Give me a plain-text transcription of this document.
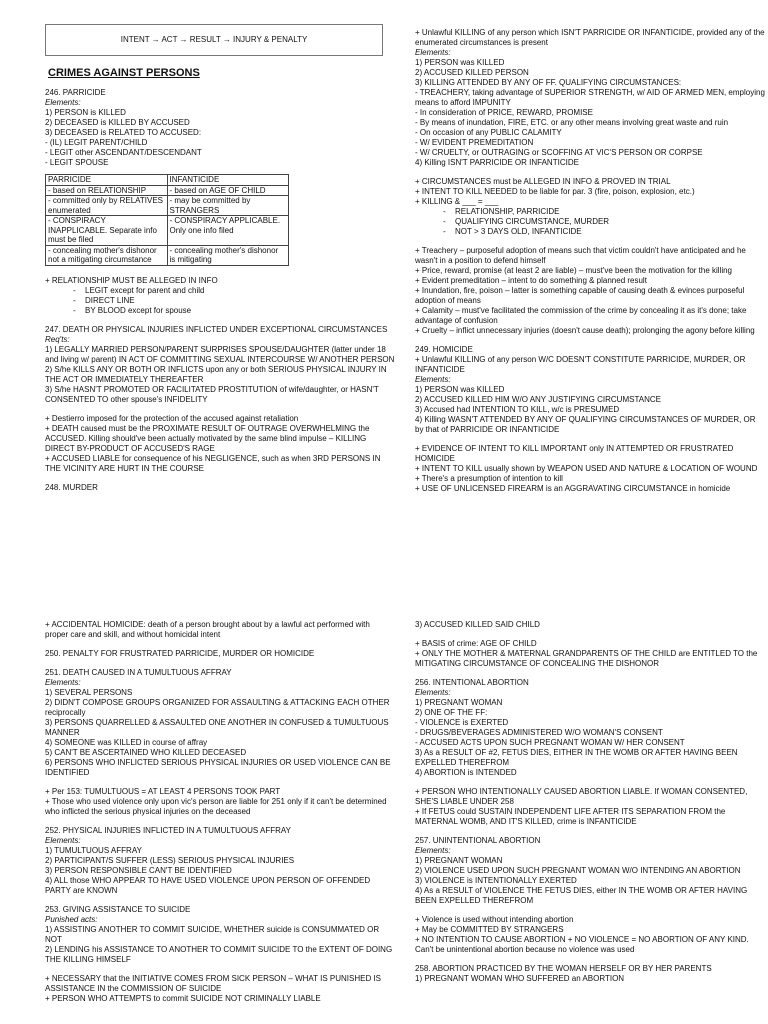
INTENT → ACT → RESULT → INJURY & PENALTY

CRIMES AGAINST PERSONS

246. PARRICIDE

Elements:

1) PERSON is KILLED

2) DECEASED is KILLED BY ACCUSED

3) DECEASED is RELATED TO ACCUSED:

- (IL) LEGIT PARENT/CHILD

- LEGIT other ASCENDANT/DESCENDANT

- LEGIT SPOUSE

PARRICIDE	INFANTICIDE
- based on RELATIONSHIP	- based on AGE OF CHILD
- committed only by RELATIVES enumerated	- may be committed by STRANGERS
- CONSPIRACY INAPPLICABLE. Separate info must be filed	- CONSPIRACY APPLICABLE. Only one info filed
- concealing mother's dishonor not a mitigating circumstance	- concealing mother's dishonor is mitigating

+ RELATIONSHIP MUST BE ALLEGED IN INFO

- LEGIT except for parent and child
- DIRECT LINE
- BY BLOOD except for spouse

247. DEATH OR PHYSICAL INJURIES INFLICTED UNDER EXCEPTIONAL CIRCUMSTANCES

Req'ts:

1) LEGALLY MARRIED PERSON/PARENT SURPRISES SPOUSE/DAUGHTER (latter under 18 and living w/ parent) IN ACT OF COMMITTING SEXUAL INTERCOURSE W/ ANOTHER PERSON

2) S/he KILLS ANY OR BOTH OR INFLICTS upon any or both SERIOUS PHYSICAL INJURY IN THE ACT OR IMMEDIATELY THEREAFTER

3) S/he HASN'T PROMOTED OR FACILITATED PROSTITUTION of wife/daughter, or HASN'T CONSENTED TO other spouse's INFIDELITY

+ Destierro imposed for the protection of the accused against retaliation

+ DEATH caused must be the PROXIMATE RESULT OF OUTRAGE OVERWHELMING the ACCUSED. Killing should've been actually motivated by the same blind impulse – KILLING DIRECT BY-PRODUCT OF ACCUSED'S RAGE

+ ACCUSED LIABLE for consequence of his NEGLIGENCE, such as when 3RD PERSONS IN THE VICINITY ARE HURT IN THE COURSE

248. MURDER

+ Unlawful KILLING of any person which ISN'T PARRICIDE OR INFANTICIDE, provided any of the enumerated circumstances is present

Elements:

1) PERSON was KILLED

2) ACCUSED KILLED PERSON

3) KILLING ATTENDED BY ANY OF FF. QUALIFYING CIRCUMSTANCES:

- TREACHERY, taking advantage of SUPERIOR STRENGTH, w/ AID OF ARMED MEN, employing means to afford IMPUNITY

- In consideration of PRICE, REWARD, PROMISE

- By means of inundation, FIRE, ETC. or any other means involving great waste and ruin

- On occasion of any PUBLIC CALAMITY

- W/ EVIDENT PREMEDITATION

- W/ CRUELTY, or OUTRAGING or SCOFFING AT VIC'S PERSON OR CORPSE

4) Killing ISN'T PARRICIDE OR INFANTICIDE

+ CIRCUMSTANCES must be ALLEGED IN INFO & PROVED IN TRIAL

+ INTENT TO KILL NEEDED to be liable for par. 3 (fire, poison, explosion, etc.)

+ KILLING & ___ = ___

- RELATIONSHIP, PARRICIDE
- QUALIFYING CIRCUMSTANCE, MURDER
- NOT > 3 DAYS OLD, INFANTICIDE

+ Treachery – purposeful adoption of means such that victim couldn't have anticipated and he wasn't in a position to defend himself

+ Price, reward, promise (at least 2 are liable) – must've been the motivation for the killing

+ Evident premeditation – intent to do something & planned result

+ Inundation, fire, poison – latter is something capable of causing death & evinces purposeful adoption of means

+ Calamity – must've facilitated the commission of the crime by concealing it as it's done; take advantage of confusion

+ Cruelty – inflict unnecessary injuries (doesn't cause death); prolonging the agony before killing

249. HOMICIDE

+ Unlawful KILLING of any person W/C DOESN'T CONSTITUTE PARRICIDE, MURDER, OR INFANTICIDE

Elements:

1) PERSON was KILLED

2) ACCUSED KILLED HIM W/O ANY JUSTIFYING CIRCUMSTANCE

3) Accused had INTENTION TO KILL, w/c is PRESUMED

4) Killing WASN'T ATTENDED BY ANY OF QUALIFYING CIRCUMSTANCES OF MURDER, OR by that of PARRICIDE OR INFANTICIDE

+ EVIDENCE OF INTENT TO KILL IMPORTANT only IN ATTEMPTED OR FRUSTRATED HOMICIDE

+ INTENT TO KILL usually shown by WEAPON USED AND NATURE & LOCATION OF WOUND

+ There's a presumption of intention to kill

+ USE OF UNLICENSED FIREARM is an AGGRAVATING CIRCUMSTANCE in homicide

+ ACCIDENTAL HOMICIDE: death of a person brought about by a lawful act performed with proper care and skill, and without homicidal intent

250. PENALTY FOR FRUSTRATED PARRICIDE, MURDER OR HOMICIDE

251. DEATH CAUSED IN A TUMULTUOUS AFFRAY

Elements:

1) SEVERAL PERSONS

2) DIDN'T COMPOSE GROUPS ORGANIZED FOR ASSAULTING & ATTACKING EACH OTHER reciprocally

3) PERSONS QUARRELLED & ASSAULTED ONE ANOTHER IN CONFUSED & TUMULTUOUS MANNER

4) SOMEONE was KILLED in course of affray

5) CAN'T BE ASCERTAINED WHO KILLED DECEASED

6) PERSONS WHO INFLICTED SERIOUS PHYSICAL INJURIES OR USED VIOLENCE CAN BE IDENTIFIED

+ Per 153: TUMULTUOUS = AT LEAST 4 PERSONS TOOK PART

+ Those who used violence only upon vic's person are liable for 251 only if it can't be determined who inflicted the serious physical injuries on the deceased

252. PHYSICAL INJURIES INFLICTED IN A TUMULTUOUS AFFRAY

Elements:

1) TUMULTUOUS AFFRAY

2) PARTICIPANT/S SUFFER (LESS) SERIOUS PHYSICAL INJURIES

3) PERSON RESPONSIBLE CAN'T BE IDENTIFIED

4) ALL those WHO APPEAR TO HAVE USED VIOLENCE UPON PERSON OF OFFENDED PARTY are KNOWN

253. GIVING ASSISTANCE TO SUICIDE

Punished acts:

1) ASSISTING ANOTHER TO COMMIT SUICIDE, WHETHER suicide is CONSUMMATED OR NOT

2) LENDING his ASSISTANCE TO ANOTHER TO COMMIT SUICIDE TO the EXTENT OF DOING THE KILLING HIMSELF

+ NECESSARY that the INITIATIVE COMES FROM SICK PERSON – WHAT IS PUNISHED IS ASSISTANCE IN the COMMISSION OF SUICIDE

+ PERSON WHO ATTEMPTS to commit SUICIDE NOT CRIMINALLY LIABLE

3) ACCUSED KILLED SAID CHILD

+ BASIS of crime: AGE OF CHILD

+ ONLY THE MOTHER & MATERNAL GRANDPARENTS OF THE CHILD are ENTITLED TO the MITIGATING CIRCUMSTANCE OF CONCEALING THE DISHONOR

256. INTENTIONAL ABORTION

Elements:

1) PREGNANT WOMAN

2) ONE OF THE FF:

- VIOLENCE is EXERTED

- DRUGS/BEVERAGES ADMINISTERED W/O WOMAN'S CONSENT

- ACCUSED ACTS UPON SUCH PREGNANT WOMAN W/ HER CONSENT

3) As a RESULT OF #2, FETUS DIES, EITHER IN THE WOMB OR AFTER HAVING BEEN EXPELLED THEREFROM

4) ABORTION is INTENDED

+ PERSON WHO INTENTIONALLY CAUSED ABORTION LIABLE. If WOMAN CONSENTED, SHE'S LIABLE UNDER 258

+ If FETUS could SUSTAIN INDEPENDENT LIFE AFTER ITS SEPARATION FROM the MATERNAL WOMB, AND IT'S KILLED, crime is INFANTICIDE

257. UNINTENTIONAL ABORTION

Elements:

1) PREGNANT WOMAN

2) VIOLENCE USED UPON SUCH PREGNANT WOMAN W/O INTENDING AN ABORTION

3) VIOLENCE is INTENTIONALLY EXERTED

4) As a RESULT of VIOLENCE THE FETUS DIES, either IN THE WOMB OR AFTER HAVING BEEN EXPELLED THEREFROM

+ Violence is used without intending abortion

+ May be COMMITTED BY STRANGERS

+ NO INTENTION TO CAUSE ABORTION + NO VIOLENCE = NO ABORTION OF ANY KIND. Can't be unintentional abortion because no violence was used

258. ABORTION PRACTICED BY THE WOMAN HERSELF OR BY HER PARENTS

1) PREGNANT WOMAN WHO SUFFERED an ABORTION
